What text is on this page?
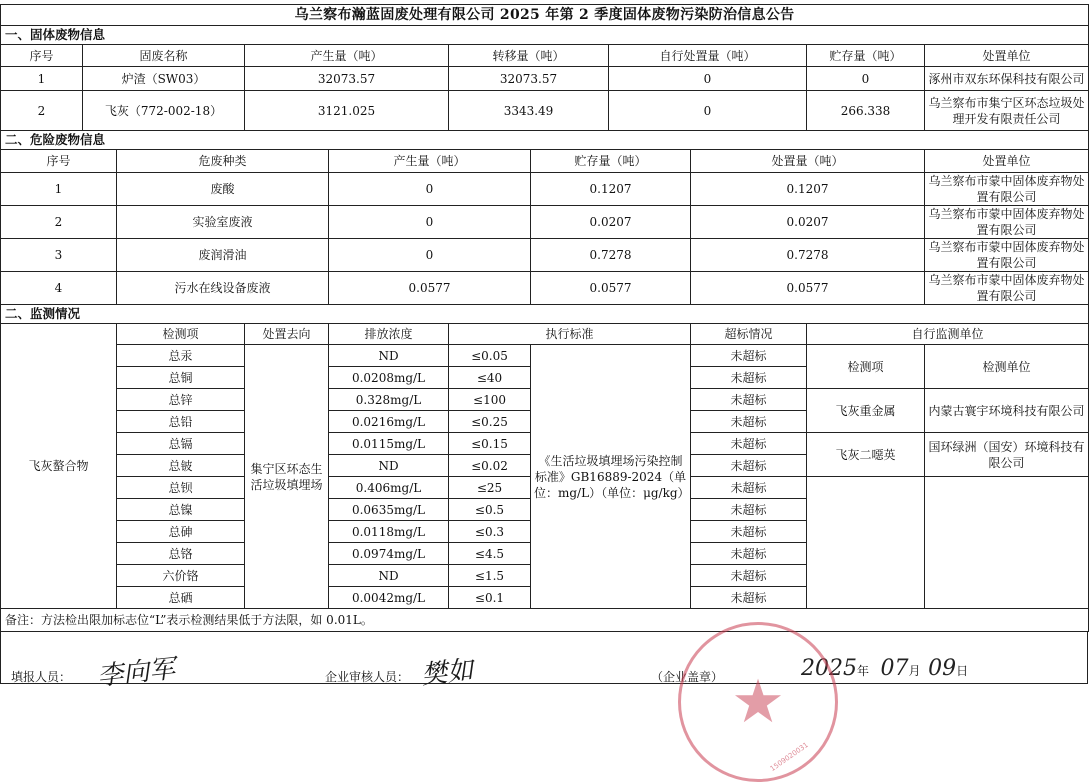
乌兰察布瀚蓝固废处理有限公司 2025 年第 2 季度固体废物污染防治信息公告										
一、固体废物信息										
序号	固废名称		产生量（吨）		转移量（吨）		自行处置量（吨）		贮存量（吨）	处置单位
1	炉渣（SW03）		32073.57		32073.57		0		0	涿州市双东环保科技有限公司
2	飞灰（772-002-18）		3121.025		3343.49		0		266.338	乌兰察布市集宁区环态垃圾处理开发有限责任公司
二、危险废物信息										
序号		危废种类		产生量（吨）		贮存量（吨）		处置量（吨）		处置单位
1		废酸		0		0.1207		0.1207		乌兰察布市蒙中固体废弃物处置有限公司
2		实验室废液		0		0.0207		0.0207		乌兰察布市蒙中固体废弃物处置有限公司
3		废润滑油		0		0.7278		0.7278		乌兰察布市蒙中固体废弃物处置有限公司
4		污水在线设备废液		0.0577		0.0577		0.0577		乌兰察布市蒙中固体废弃物处置有限公司
二、监测情况										
飞灰螯合物		检测项	处置去向	排放浓度	执行标准			超标情况	自行监测单位	
		总汞	集宁区环态生活垃圾填埋场	ND	≤0.05	《生活垃圾填埋场污染控制标准》GB16889-2024（单位：mg/L）（单位：μg/kg）		未超标	检测项	检测单位
		总铜		0.0208mg/L	≤40			未超标		
		总锌		0.328mg/L	≤100			未超标	飞灰重金属	内蒙古寰宇环境科技有限公司
		总铅		0.0216mg/L	≤0.25			未超标		
		总镉		0.0115mg/L	≤0.15			未超标	飞灰二噁英	国环绿洲（国安）环境科技有限公司
		总铍		ND	≤0.02			未超标		
		总钡		0.406mg/L	≤25			未超标		
		总镍		0.0635mg/L	≤0.5			未超标		
		总砷		0.0118mg/L	≤0.3			未超标		
		总铬		0.0974mg/L	≤4.5			未超标		
		六价铬		ND	≤1.5			未超标		
		总硒		0.0042mg/L	≤0.1			未超标		
备注：方法检出限加标志位“L”表示检测结果低于方法限，如 0.01L。										
填报人员： 李向军	企业审核人员： 樊如	（企业盖章）	2025年 07月 09日
★
1509020031
